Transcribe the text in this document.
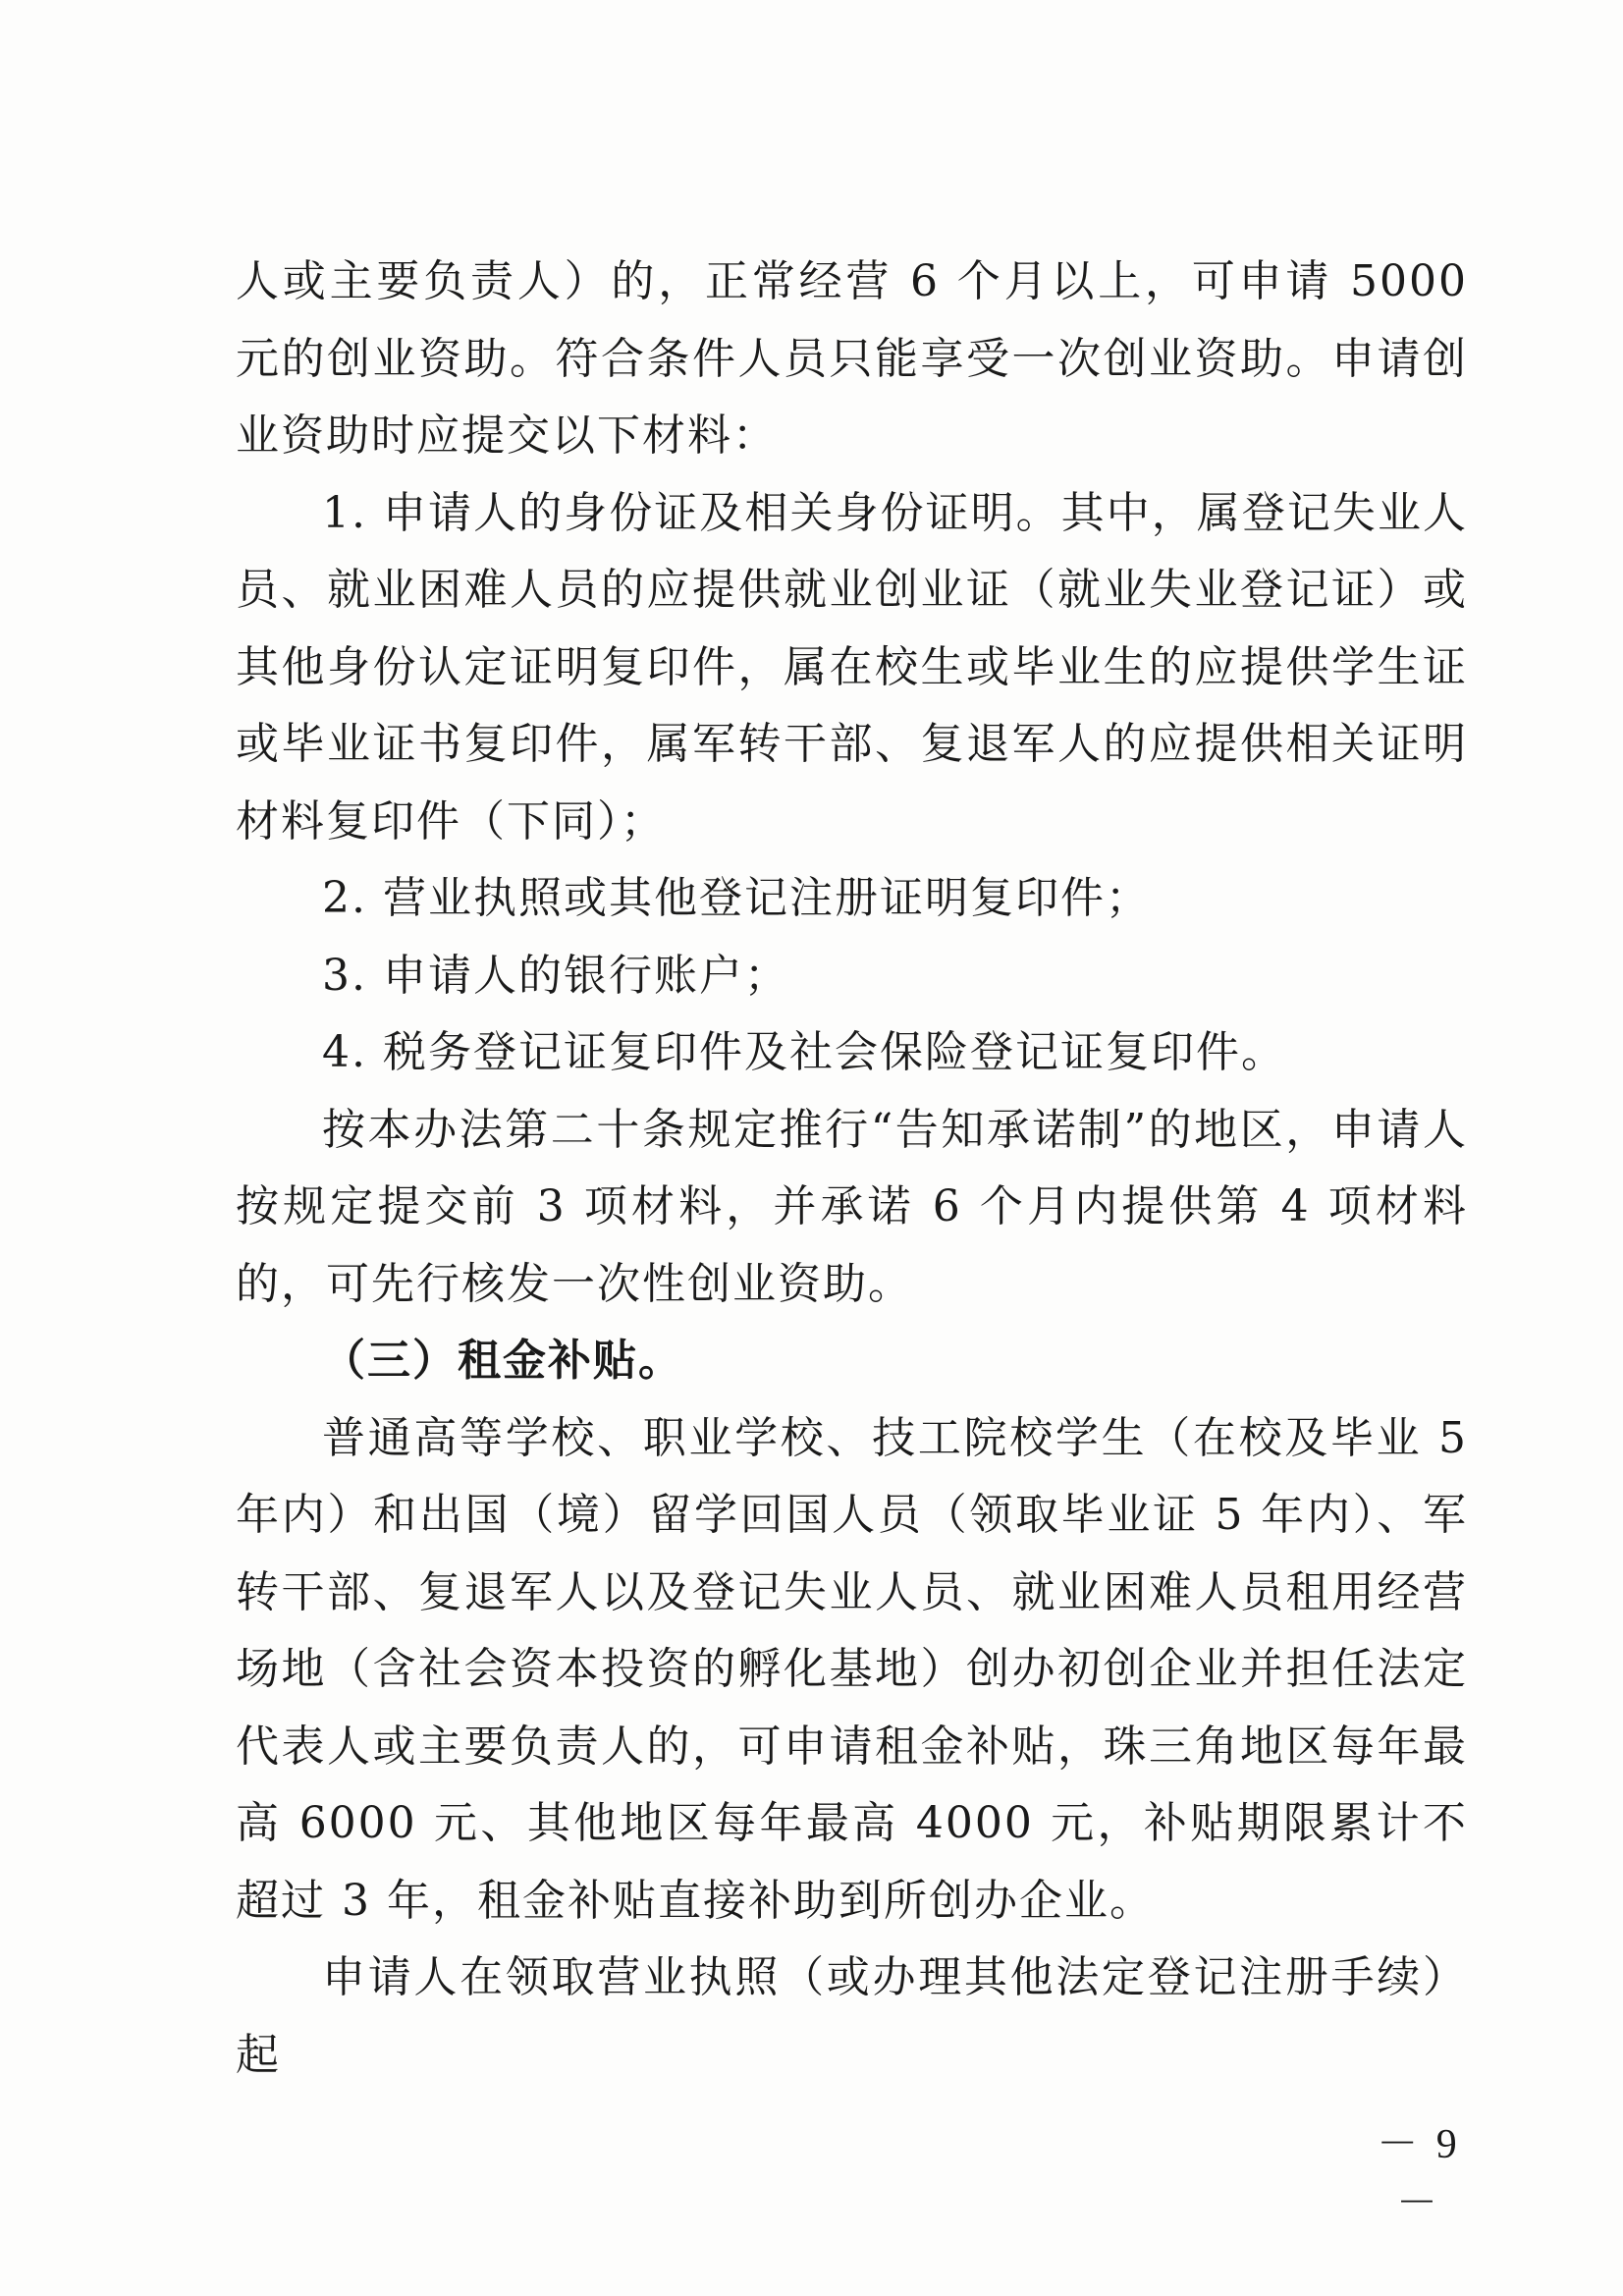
人或主要负责人）的，正常经营 6 个月以上，可申请 5000 元的创业资助。符合条件人员只能享受一次创业资助。申请创业资助时应提交以下材料：

1. 申请人的身份证及相关身份证明。其中，属登记失业人员、就业困难人员的应提供就业创业证（就业失业登记证）或其他身份认定证明复印件，属在校生或毕业生的应提供学生证或毕业证书复印件，属军转干部、复退军人的应提供相关证明材料复印件（下同）；

2. 营业执照或其他登记注册证明复印件；

3. 申请人的银行账户；

4. 税务登记证复印件及社会保险登记证复印件。

按本办法第二十条规定推行“告知承诺制”的地区，申请人按规定提交前 3 项材料，并承诺 6 个月内提供第 4 项材料的，可先行核发一次性创业资助。

（三）租金补贴。

普通高等学校、职业学校、技工院校学生（在校及毕业 5 年内）和出国（境）留学回国人员（领取毕业证 5 年内）、军转干部、复退军人以及登记失业人员、就业困难人员租用经营场地（含社会资本投资的孵化基地）创办初创企业并担任法定代表人或主要负责人的，可申请租金补贴，珠三角地区每年最高 6000 元、其他地区每年最高 4000 元，补贴期限累计不超过 3 年，租金补贴直接补助到所创办企业。

申请人在领取营业执照（或办理其他法定登记注册手续）起

－ 9 －
